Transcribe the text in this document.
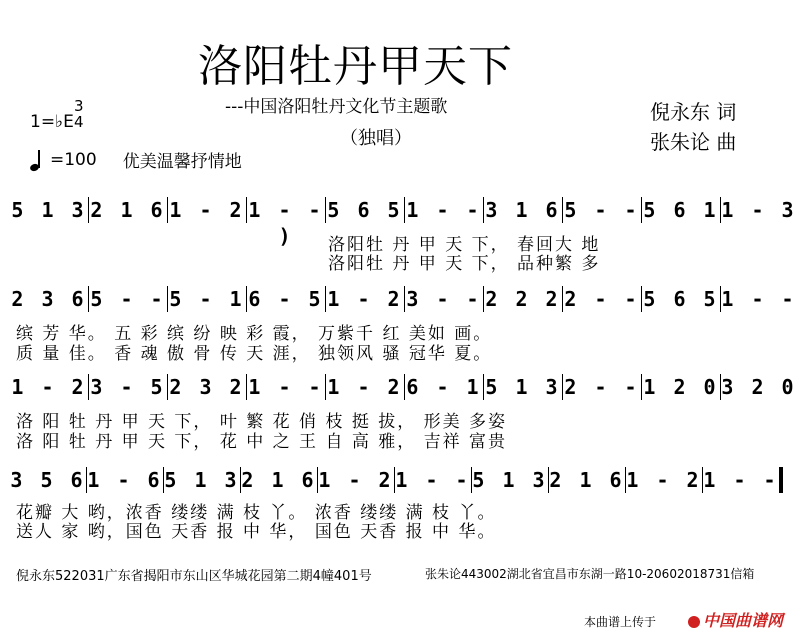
洛阳牡丹甲天下
---中国洛阳牡丹文化节主题歌
（独唱）
1=♭E
3
4	倪永东 词
张朱论 曲
=100 优美温馨抒情地
5 1 3 2 1 6 1 - 2 1 - - )
5 6 5 1 - - 3 1 6 5 - - 5 6 1 1 - 3
洛阳牡 丹 甲 天 下， 春回大 地
洛阳牡 丹 甲 天 下， 品种繁 多
2 3 6 5 - - 5 - 1 6 - 5 1 - 2 3 - - 2 2 2 2 - - 5 6 5 1 - -
缤 芳 华。 五 彩 缤 纷 映 彩 霞， 万紫千 红 美如 画。
质 量 佳。 香 魂 傲 骨 传 天 涯， 独领风 骚 冠华 夏。
1 - 2 3 - 5 2 3 2 1 - - 1 - 2 6 - 1 5 1 3 2 - - 1 2 0 3 2 0
洛 阳 牡 丹 甲 天 下， 叶 繁 花 俏 枝 挺 拔， 形美 多姿
洛 阳 牡 丹 甲 天 下， 花 中 之 王 自 高 雅， 吉祥 富贵
3 5 6 1 - 6 5 1 3 2 1 6 1 - 2 1 - - 5 1 3 2 1 6 1 - 2 1 - -
花瓣 大 哟，浓香 缕缕 满 枝 丫。 浓香 缕缕 满 枝 丫。
送人 家 哟，国色 天香 报 中 华， 国色 天香 报 中 华。
倪永东522031广东省揭阳市东山区华城花园第二期4幢401号	张朱论443002湖北省宜昌市东湖一路10-20602018731信箱
本曲谱上传于	中国曲谱网
